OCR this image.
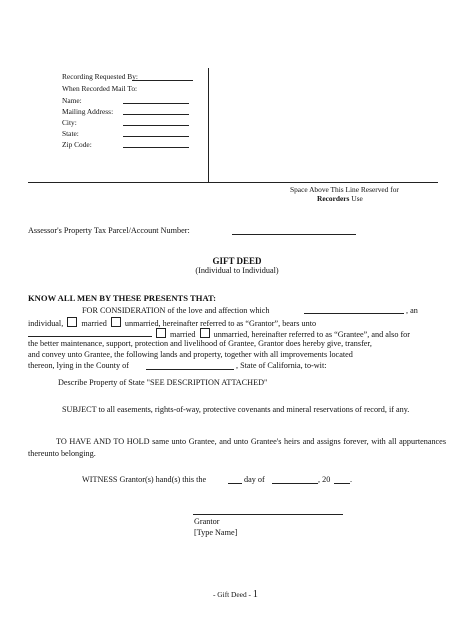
Recording Requested By:
When Recorded Mail To:
Name:
Mailing Address:
City:
State:
Zip Code:
Space Above This Line Reserved for
Recorders Use
Assessor's Property Tax Parcel/Account Number:
GIFT DEED
(Individual to Individual)
KNOW ALL MEN BY THESE PRESENTS THAT:
FOR CONSIDERATION of the love and affection which	, an
individual, married unmarried, hereinafter referred to as “Grantor”, bears unto
married unmarried, hereinafter referred to as “Grantee”, and also for
the better maintenance, support, protection and livelihood of Grantee, Grantor does hereby give, transfer,
and convey unto Grantee, the following lands and property, together with all improvements located
thereon, lying in the County of	, State of California, to-wit:
Describe Property of State "SEE DESCRIPTION ATTACHED"
SUBJECT to all easements, rights-of-way, protective covenants and mineral reservations of record, if any.
TO HAVE AND TO HOLD same unto Grantee, and unto Grantee's heirs and assigns forever, with all appurtenances thereunto belonging.
WITNESS Grantor(s) hand(s) this the	day of	, 20 .
Grantor
[Type Name]
- Gift Deed - 1
